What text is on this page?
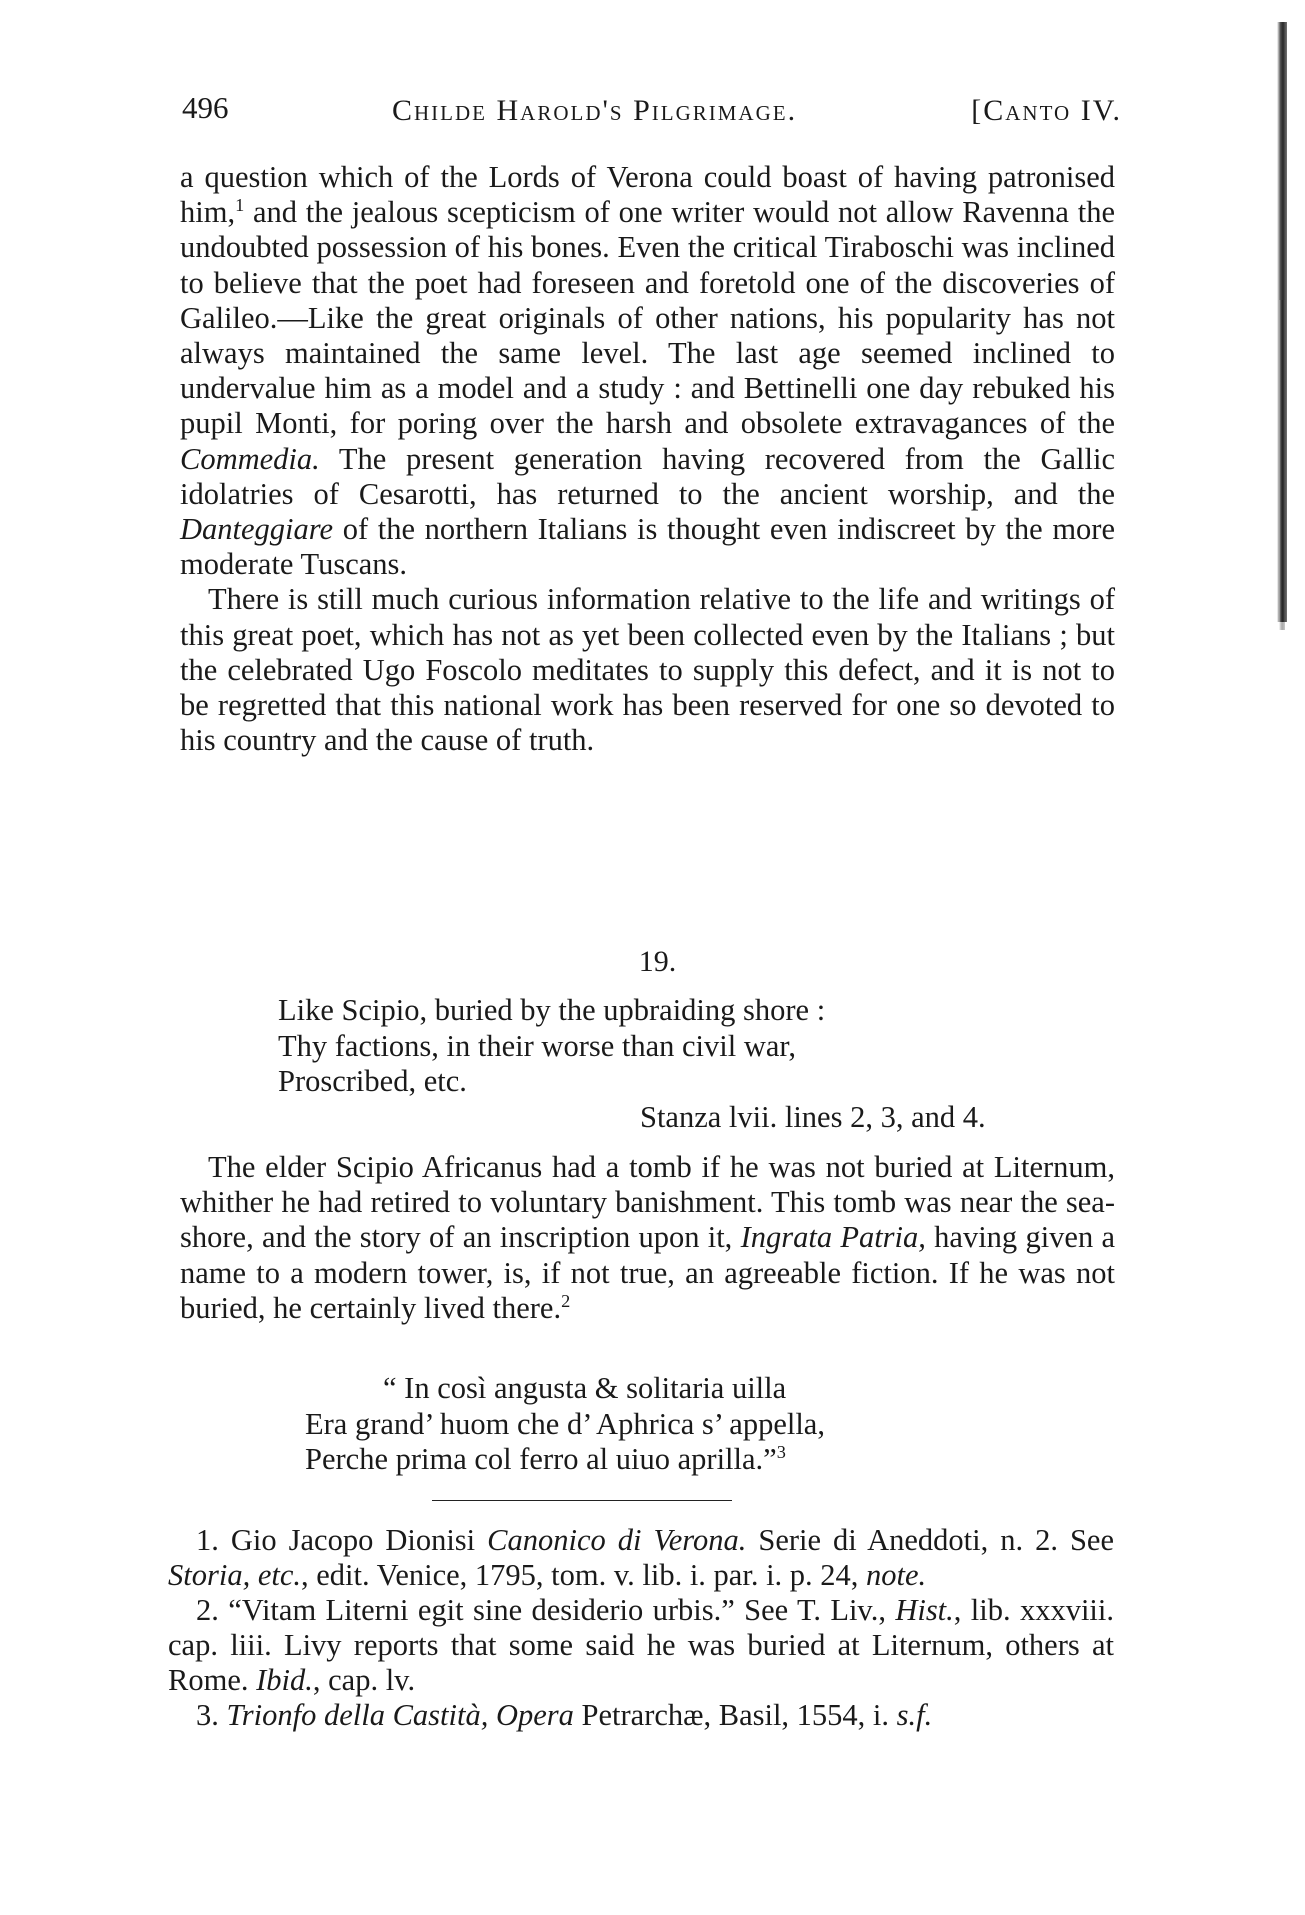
496	Childe Harold's Pilgrimage.	[Canto IV.

a question which of the Lords of Verona could boast of having patronised him,$^1$ and the jealous scepticism of one writer would not allow Ravenna the undoubted possession of his bones. Even the critical Tiraboschi was inclined to believe that the poet had foreseen and foretold one of the discoveries of Galileo.—Like the great originals of other nations, his popularity has not always maintained the same level. The last age seemed inclined to undervalue him as a model and a study : and Bettinelli one day rebuked his pupil Monti, for poring over the harsh and obsolete extravagances of the Commedia. The present generation having recovered from the Gallic idolatries of Cesarotti, has returned to the ancient worship, and the Danteggiare of the northern Italians is thought even indiscreet by the more moderate Tuscans.

There is still much curious information relative to the life and writings of this great poet, which has not as yet been collected even by the Italians ; but the celebrated Ugo Foscolo meditates to supply this defect, and it is not to be regretted that this national work has been reserved for one so devoted to his country and the cause of truth.

19.
Like Scipio, buried by the upbraiding shore :
Thy factions, in their worse than civil war,
Proscribed, etc.
Stanza lvii. lines 2, 3, and 4.

The elder Scipio Africanus had a tomb if he was not buried at Liternum, whither he had retired to voluntary banishment. This tomb was near the sea-shore, and the story of an inscription upon it, Ingrata Patria, having given a name to a modern tower, is, if not true, an agreeable fiction. If he was not buried, he certainly lived there.$^2$

“ In così angusta & solitaria uilla
Era grand’ huom che d’ Aphrica s’ appella,
Perche prima col ferro al uiuo aprilla.”$^3$

1. Gio Jacopo Dionisi Canonico di Verona. Serie di Aneddoti, n. 2. See Storia, etc., edit. Venice, 1795, tom. v. lib. i. par. i. p. 24, note.

2. “Vitam Literni egit sine desiderio urbis.” See T. Liv., Hist., lib. xxxviii. cap. liii. Livy reports that some said he was buried at Liternum, others at Rome. Ibid., cap. lv.

3. Trionfo della Castità, Opera Petrarchæ, Basil, 1554, i. s.f.
